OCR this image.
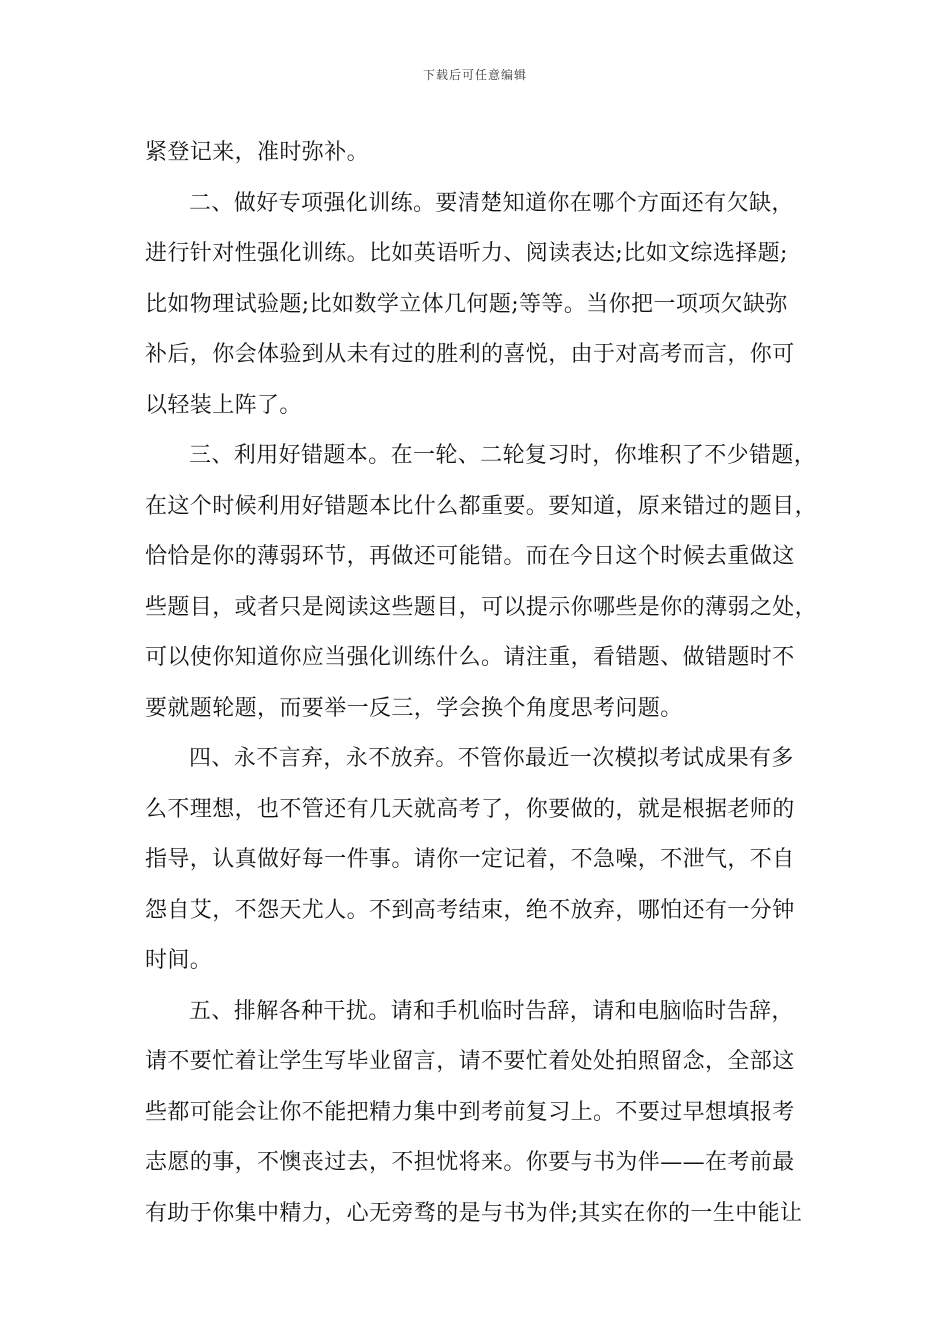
下载后可任意编辑
紧登记来，准时弥补。
二、做好专项强化训练。要清楚知道你在哪个方面还有欠缺，
进行针对性强化训练。比如英语听力、阅读表达;比如文综选择题;
比如物理试验题;比如数学立体几何题;等等。当你把一项项欠缺弥
补后，你会体验到从未有过的胜利的喜悦，由于对高考而言，你可
以轻装上阵了。
三、利用好错题本。在一轮、二轮复习时，你堆积了不少错题，
在这个时候利用好错题本比什么都重要。要知道，原来错过的题目，
恰恰是你的薄弱环节，再做还可能错。而在今日这个时候去重做这
些题目，或者只是阅读这些题目，可以提示你哪些是你的薄弱之处，
可以使你知道你应当强化训练什么。请注重，看错题、做错题时不
要就题轮题，而要举一反三，学会换个角度思考问题。
四、永不言弃，永不放弃。不管你最近一次模拟考试成果有多
么不理想，也不管还有几天就高考了，你要做的，就是根据老师的
指导，认真做好每一件事。请你一定记着，不急噪，不泄气，不自
怨自艾，不怨天尤人。不到高考结束，绝不放弃，哪怕还有一分钟
时间。
五、排解各种干扰。请和手机临时告辞，请和电脑临时告辞，
请不要忙着让学生写毕业留言，请不要忙着处处拍照留念，全部这
些都可能会让你不能把精力集中到考前复习上。不要过早想填报考
志愿的事，不懊丧过去，不担忧将来。你要与书为伴——在考前最
有助于你集中精力，心无旁骛的是与书为伴;其实在你的一生中能让
